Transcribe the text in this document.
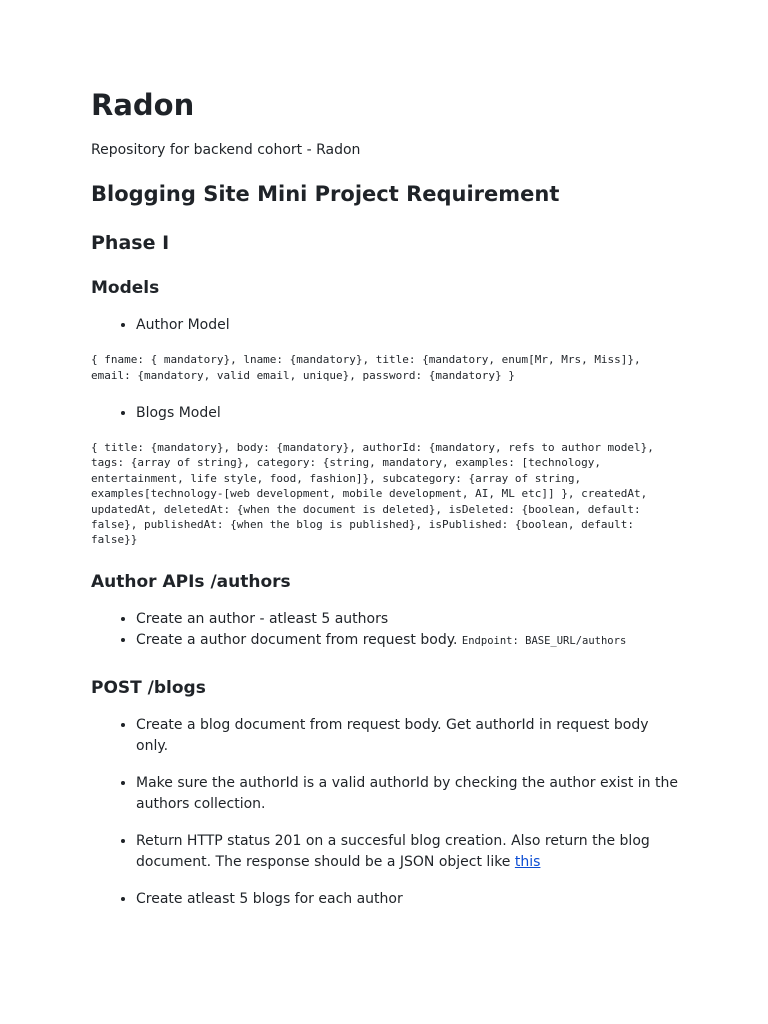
Radon

Repository for backend cohort - Radon

Blogging Site Mini Project Requirement
Phase I
Models
• Author Model
{ fname: { mandatory}, lname: {mandatory}, title: {mandatory, enum[Mr, Mrs, Miss]},
email: {mandatory, valid email, unique}, password: {mandatory} }
• Blogs Model
{ title: {mandatory}, body: {mandatory}, authorId: {mandatory, refs to author model},
tags: {array of string}, category: {string, mandatory, examples: [technology,
entertainment, life style, food, fashion]}, subcategory: {array of string,
examples[technology-[web development, mobile development, AI, ML etc]] }, createdAt,
updatedAt, deletedAt: {when the document is deleted}, isDeleted: {boolean, default:
false}, publishedAt: {when the blog is published}, isPublished: {boolean, default:
false}}
Author APIs /authors
• Create an author - atleast 5 authors
• Create a author document from request body. Endpoint: BASE_URL/authors
POST /blogs
• Create a blog document from request body. Get authorId in request body only.
• Make sure the authorId is a valid authorId by checking the author exist in the authors collection.
• Return HTTP status 201 on a succesful blog creation. Also return the blog document. The response should be a JSON object like this
• Create atleast 5 blogs for each author
